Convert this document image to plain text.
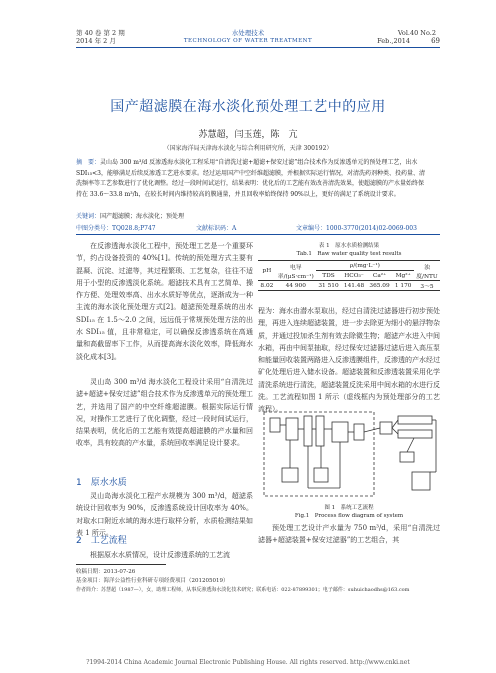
第 40 卷 第 2 期
2014 年 2 月
水处理技术
TECHNOLOGY OF WATER TREATMENT
Vol.40 No.2
Feb.,2014	69
国产超滤膜在海水淡化预处理工艺中的应用
苏慧超，闫玉莲，陈　亢
（国家海洋局天津海水淡化与综合利用研究所，天津 300192）
摘　要：灵山岛 300 m³/d 反渗透海水淡化工程采用“自清洗过滤+超滤+保安过滤”组合技术作为反渗透单元的预处理工艺，出水 SDI₁₅<3，能够满足后续反渗透工艺进水要求。经过运用国产中空纤维超滤膜，并根据实际运行情况，对清洗药剂种类、投药量、清洗频率等工艺参数进行了优化调整。经过一段时间试运行，结果表明：优化后的工艺能有效改善清洗效果，使超滤膜的产水量始终保持在 33.6～33.8 m³/h，在较长时间内维持较高的膜通量，并且回收率始终保持 90%以上，更好的满足了系统设计要求。
关键词：国产超滤膜；海水淡化；预处理
中图分类号：TQ028.8;P747	文献标识码：A	文章编号：1000-3770(2014)02-0069-003
在反渗透海水淡化工程中，预处理工艺是一个重要环节，约占设备投资的 40%[1]。传统的预处理方式主要有混凝、沉淀、过滤等，其过程繁琐、工艺复杂，往往不适用于小型的反渗透淡化系统。超滤技术具有工艺简单、操作方便、处理效率高、出水水质好等优点，逐渐成为一种主流的海水淡化预处理方式[2]。超滤预处理系统的出水 SDI₁₅ 在 1.5～2.0 之间，远远低于常规预处理方法的出水 SDI₁₅ 值，且非常稳定，可以确保反渗透系统在高通量和高截留率下工作，从而提高海水淡化效率，降低海水淡化成本[3]。
灵山岛 300 m³/d 海水淡化工程设计采用“自清洗过滤+超滤+保安过滤”组合技术作为反渗透单元的预处理工艺，并选用了国产的中空纤维超滤膜。根据实际运行情况，对操作工艺进行了优化调整，经过一段时间试运行，结果表明，优化后的工艺能有效提高超滤膜的产水量和回收率，具有较高的产水量，系统回收率满足设计要求。
1　原水水质
灵山岛海水淡化工程产水规模为 300 m³/d，超滤系统设计回收率为 90%，反渗透系统设计回收率为 40%。对取水口附近水域的海水进行取样分析，水质检测结果如表 1 所示。
2　工艺流程
根据原水水质情况，设计反渗透系统的工艺流
表 1　原水水质检测结果
Tab.1　Raw water quality test results
pH	电导率/(μS·cm⁻¹)	ρ/(mg·L⁻¹)				浊度/NTU
		TDS	HCO₃⁻	Ca²⁺	Mg²⁺	
8.02	44 900	31 510	141.48	365.09	1 170	3～5
程为：海水由潜水泵取出，经过自清洗过滤器进行初步预处理，再进入连续超滤装置，进一步去除更为细小的悬浮物杂质，并通过投加杀生剂有效去除微生物；超滤产水进入中间水箱，再由中间泵抽取，经过保安过滤器过滤后进入高压泵和能量回收装置两路进入反渗透膜组件，反渗透的产水经过矿化处理后进入储水设备。超滤装置和反渗透装置采用化学清洗系统进行清洗，超滤装置反洗采用中间水箱的水进行反洗。工艺流程如图 1 所示（虚线框内为预处理部分的工艺流程）。
图 1　系统工艺流程
Fig.1　Process flow diagram of system
预处理工艺设计产水量为 750 m³/d，采用“自清洗过滤器+超滤装置+保安过滤器”的工艺组合，其
收稿日期：2013-07-26
基金项目：海洋公益性行业科研专项经费项目（201205019）
作者简介：苏慧超（1987—），女，助理工程师，从事反渗透海水淡化技术研究；联系电话：022-87899301；电子邮件：suhuichaodhs@163.com
?1994-2014 China Academic Journal Electronic Publishing House. All rights reserved. http://www.cnki.net
